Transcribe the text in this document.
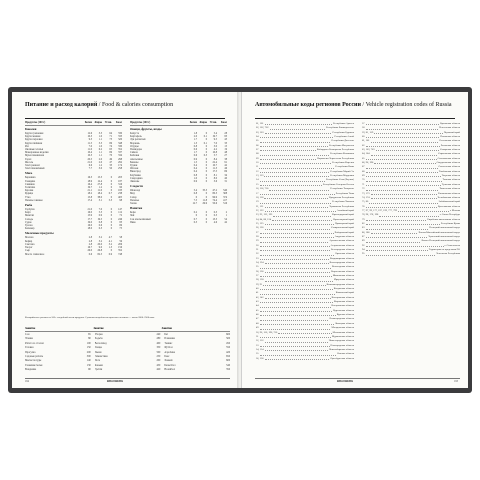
Питание и расход калорий / Food & calories consumption
Продукты (100 г)	Белки Жиры Углев.	Ккал
Бакалея
Крупа гречневая	12.6	3.3	64	330
Крупа манная	10.3	1.0	71	333
Крупа перловая	9.3	1.1	73	320
Крупа пшённая	11.5	3.3	69	348
Рис	7.0	1.0	74	330
Овсяные хлопья	11.0	6.2	65	352
Макаронные изделия	10.4	1.1	69	337
Мука пшеничная	10.3	1.1	70	334
Горох	20.5	2.0	49	298
Фасоль	21.0	2.0	47	292
Хлеб ржаной	6.6	1.2	33	174
Хлеб пшеничный	7.7	3.0	50	258
Мясо
Баранина	16.3	15.3	0	203
Говядина	18.9	12.4	0	187
Свинина	16.4	27.8	0	316
Телятина	19.7	1.2	0	90
Кролик	21.1	11.0	0	183
Курица	18.2	18.4	0.7	238
Утка	15.8	38.0	0	405
Печень говяжья	17.4	3.1	5.3	98
Рыба
Горбуша	21.0	7.0	0	147
Карп	16.0	5.3	0	112
Минтай	15.9	0.9	0	72
Сельдь	17.7	19.5	0	246
Судак	19.0	0.8	0	83
Треска	16.0	0.6	0	69
Кальмар	18.0	0.3	0	75
Молочные продукты
Молоко	2.8	3.2	4.7	58
Кефир	2.8	3.2	4.1	59
Сметана	2.8	20.0	3.2	206
Творог	16.7	9.0	1.3	156
Сыр	26.0	26.8	0	352
Масло сливочное	0.6	82.5	0.9	748
Продукты (100 г)	Белки Жиры Углев.	Ккал
Овощи, фрукты, ягоды
Капуста	1.8	0	5.4	28
Картофель	2.0	0.1	19.7	83
Лук репчатый	1.7	0	9.5	43
Морковь	1.3	0.1	7.0	33
Огурцы	0.8	0	3.0	15
Помидоры	0.6	0	4.2	19
Свёкла	1.7	0	10.8	48
Кабачки	0.6	0.3	5.7	27
Апельсины	0.9	0	8.4	38
Бананы	1.5	0	22.4	91
Груши	0.4	0	10.7	42
Яблоки	0.4	0	11.3	46
Виноград	0.4	0	17.5	69
Клубника	0.8	0	8.1	34
Смородина	1.0	0	8.0	40
Лимоны	0.9	0	3.6	31
Сладости
Шоколад	5.4	35.3	47.2	540
Мёд	0.8	0	80.3	308
Сахар	0	0	99.9	374
Печенье	7.5	11.8	74.4	417
Халва	12.7	29.9	50.6	516
Напитки
Кофе	0.2	0	0.3	2
Чай	0	0	0.3	1
Сок апельсиновый	0.7	0	13.3	54
Пиво	0.3	0	4.6	42
Калорийность указана на 100 г съедобной части продукта. Суточная потребность взрослого человека — около 2000–2500 ккал.
Занятие	Занятие	Занятие
Сон	65 Уборка	240 Бег	600
Чтение	80 Ходьба	280 Плавание	500
Работа за столом	100 Велосипед	400 Теннис	450
Готовка	150 Танцы	350 Футбол	550
Прогулка	200 Лыжи	500 Аэробика	420
Садовые работы	300 Гимнастика	250 Бокс	650
Мытьё посуды	140 Йога	200 Хоккей	600
Глажение белья	130 Коньки	450 Баскетбол	540
Вождение	90 Гребля	420 Волейбол	350
194	BRAUBERG
Автомобильные коды регионов России / Vehicle registration codes of Russia
01, 101	Республика Адыгея
02, 102, 702	Республика Башкортостан
03, 103	Республика Бурятия
04	Республика Алтай
05	Республика Дагестан
06	Республика Ингушетия
07	Кабардино-Балкарская Республика
08	Республика Калмыкия
09	Карачаево-Черкесская Республика
10	Республика Карелия
11	Республика Коми
12	Республика Марий Эл
13, 113	Республика Мордовия
14	Республика Саха (Якутия)
15	Республика Северная Осетия
16, 116, 716	Республика Татарстан
17	Республика Тыва
18, 118	Удмуртская Республика
19	Республика Хакасия
21, 121	Чувашская Республика
22, 122	Алтайский край
23, 93, 123, 193	Краснодарский край
24, 84, 88, 124	Красноярский край
25, 125	Приморский край
26, 126	Ставропольский край
27	Хабаровский край
28	Амурская область
29	Архангельская область
30	Астраханская область
31	Белгородская область
32	Брянская область
33	Владимирская область
34, 134	Волгоградская область
35	Вологодская область
36, 136	Воронежская область
37	Ивановская область
38, 138	Иркутская область
39, 91	Калининградская область
40	Калужская область
41	Камчатский край
42, 142	Кемеровская область
43	Кировская область
44	Костромская область
45	Курганская область
46	Курская область
47	Ленинградская область
48	Липецкая область
49	Магаданская область
50, 90, 150, 190, 750	Московская область
51	Мурманская область
52, 152	Нижегородская область
53	Новгородская область
54, 154	Новосибирская область
55	Омская область
56, 156	Оренбургская область
57	Орловская область
58	Пензенская область
59, 81, 159	Пермский край
60	Псковская область
61, 161	Ростовская область
62	Рязанская область
63, 163, 763	Самарская область
64, 164	Саратовская область
65	Сахалинская область
66, 96, 196	Свердловская область
67	Смоленская область
68	Тамбовская область
69	Тверская область
70	Томская область
71	Тульская область
72	Тюменская область
73, 173	Ульяновская область
74, 174	Челябинская область
75, 80	Забайкальский край
76	Ярославская область
77, 97, 99, 177, 197, 199, 777, 799	г. Москва
78, 98, 178, 198	г. Санкт-Петербург
79	Еврейская автономная область
82	Республика Крым
83	Ненецкий автономный округ
86, 186	Ханты-Мансийский автономный округ
87	Чукотский автономный округ
89	Ямало-Ненецкий автономный округ
92	г. Севастополь
94	Территории за пределами РФ
95	Чеченская Республика
BRAUBERG	195
